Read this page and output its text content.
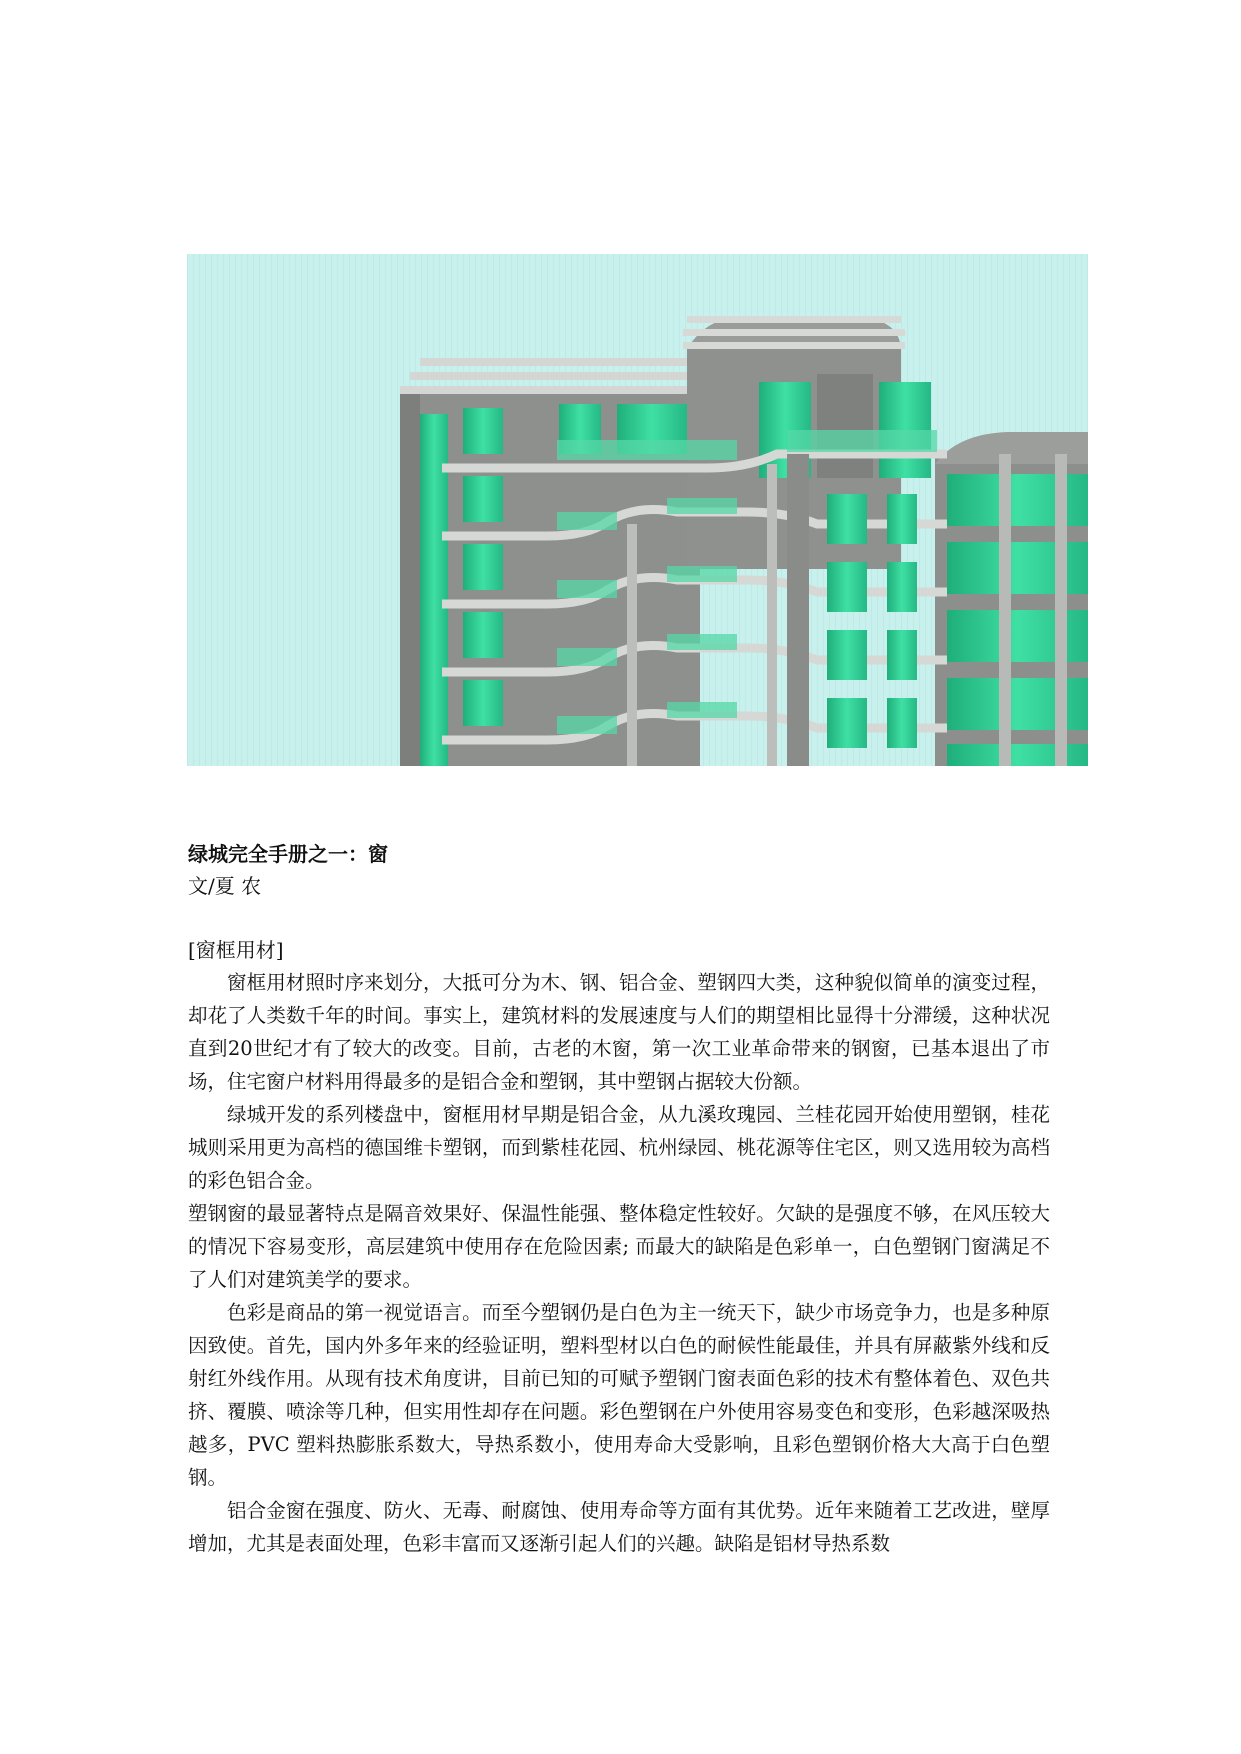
绿城完全手册之一：窗

文/夏 农

[窗框用材]

窗框用材照时序来划分，大抵可分为木、钢、铝合金、塑钢四大类，这种貌似简单的演变过程，却花了人类数千年的时间。事实上，建筑材料的发展速度与人们的期望相比显得十分滞缓，这种状况直到20世纪才有了较大的改变。目前，古老的木窗，第一次工业革命带来的钢窗，已基本退出了市场，住宅窗户材料用得最多的是铝合金和塑钢，其中塑钢占据较大份额。

绿城开发的系列楼盘中，窗框用材早期是铝合金，从九溪玫瑰园、兰桂花园开始使用塑钢，桂花城则采用更为高档的德国维卡塑钢，而到紫桂花园、杭州绿园、桃花源等住宅区，则又选用较为高档的彩色铝合金。

塑钢窗的最显著特点是隔音效果好、保温性能强、整体稳定性较好。欠缺的是强度不够，在风压较大的情况下容易变形，高层建筑中使用存在危险因素; 而最大的缺陷是色彩单一，白色塑钢门窗满足不了人们对建筑美学的要求。

色彩是商品的第一视觉语言。而至今塑钢仍是白色为主一统天下，缺少市场竞争力，也是多种原因致使。首先，国内外多年来的经验证明，塑料型材以白色的耐候性能最佳，并具有屏蔽紫外线和反射红外线作用。从现有技术角度讲，目前已知的可赋予塑钢门窗表面色彩的技术有整体着色、双色共挤、覆膜、喷涂等几种，但实用性却存在问题。彩色塑钢在户外使用容易变色和变形，色彩越深吸热越多，PVC 塑料热膨胀系数大，导热系数小，使用寿命大受影响，且彩色塑钢价格大大高于白色塑钢。

铝合金窗在强度、防火、无毒、耐腐蚀、使用寿命等方面有其优势。近年来随着工艺改进，壁厚增加，尤其是表面处理，色彩丰富而又逐渐引起人们的兴趣。缺陷是铝材导热系数
